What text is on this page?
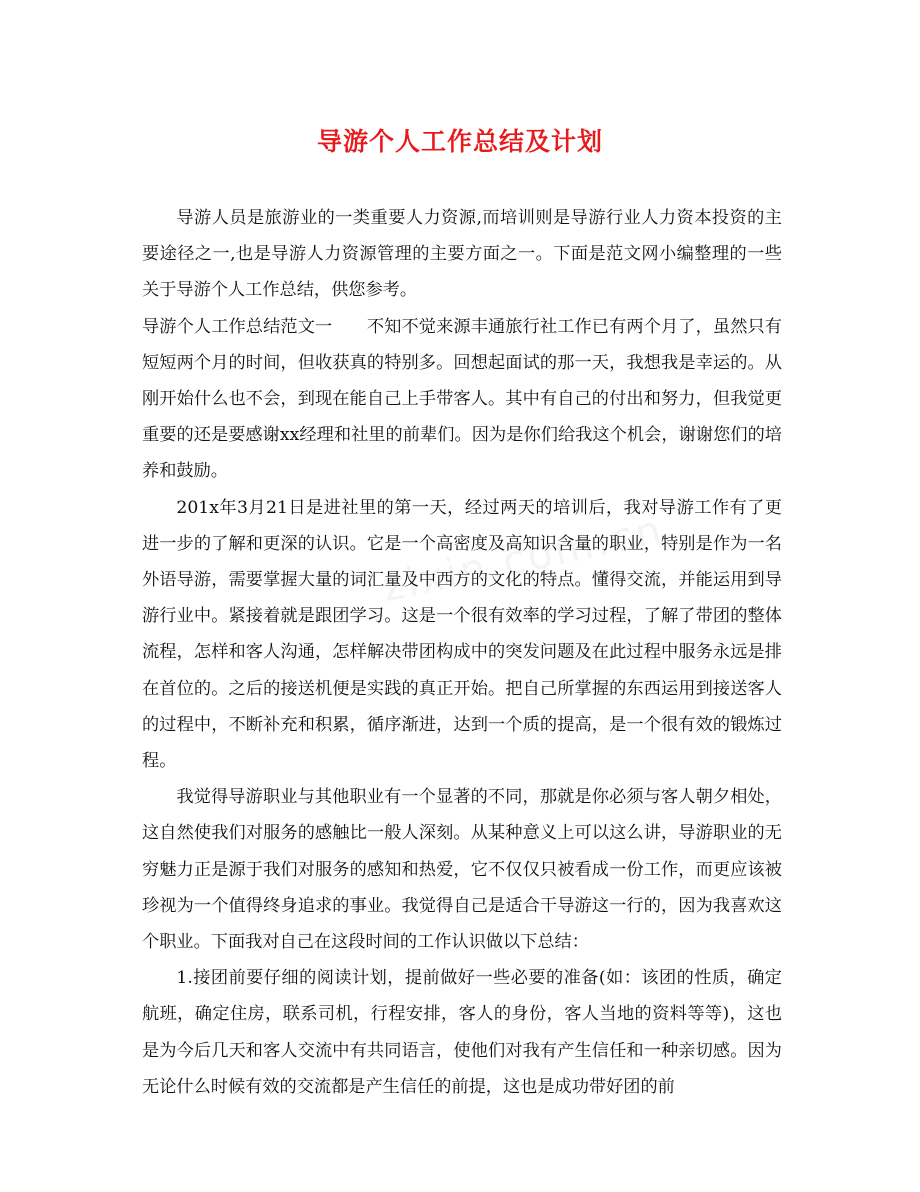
导游个人工作总结及计划

导游人员是旅游业的一类重要人力资源,而培训则是导游行业人力资本投资的主要途径之一,也是导游人力资源管理的主要方面之一。下面是范文网小编整理的一些关于导游个人工作总结，供您参考。

导游个人工作总结范文一　　不知不觉来源丰通旅行社工作已有两个月了，虽然只有短短两个月的时间，但收获真的特别多。回想起面试的那一天，我想我是幸运的。从刚开始什么也不会，到现在能自己上手带客人。其中有自己的付出和努力，但我觉更重要的还是要感谢xx经理和社里的前辈们。因为是你们给我这个机会，谢谢您们的培养和鼓励。

201x年3月21日是进社里的第一天，经过两天的培训后，我对导游工作有了更进一步的了解和更深的认识。它是一个高密度及高知识含量的职业，特别是作为一名外语导游，需要掌握大量的词汇量及中西方的文化的特点。懂得交流，并能运用到导游行业中。紧接着就是跟团学习。这是一个很有效率的学习过程，了解了带团的整体流程，怎样和客人沟通，怎样解决带团构成中的突发问题及在此过程中服务永远是排在首位的。之后的接送机便是实践的真正开始。把自己所掌握的东西运用到接送客人的过程中，不断补充和积累，循序渐进，达到一个质的提高，是一个很有效的锻炼过程。

我觉得导游职业与其他职业有一个显著的不同，那就是你必须与客人朝夕相处，这自然使我们对服务的感触比一般人深刻。从某种意义上可以这么讲，导游职业的无穷魅力正是源于我们对服务的感知和热爱，它不仅仅只被看成一份工作，而更应该被珍视为一个值得终身追求的事业。我觉得自己是适合干导游这一行的，因为我喜欢这个职业。下面我对自己在这段时间的工作认识做以下总结：

1.接团前要仔细的阅读计划，提前做好一些必要的准备(如：该团的性质，确定航班，确定住房，联系司机，行程安排，客人的身份，客人当地的资料等等)，这也是为今后几天和客人交流中有共同语言，使他们对我有产生信任和一种亲切感。因为无论什么时候有效的交流都是产生信任的前提，这也是成功带好团的前
